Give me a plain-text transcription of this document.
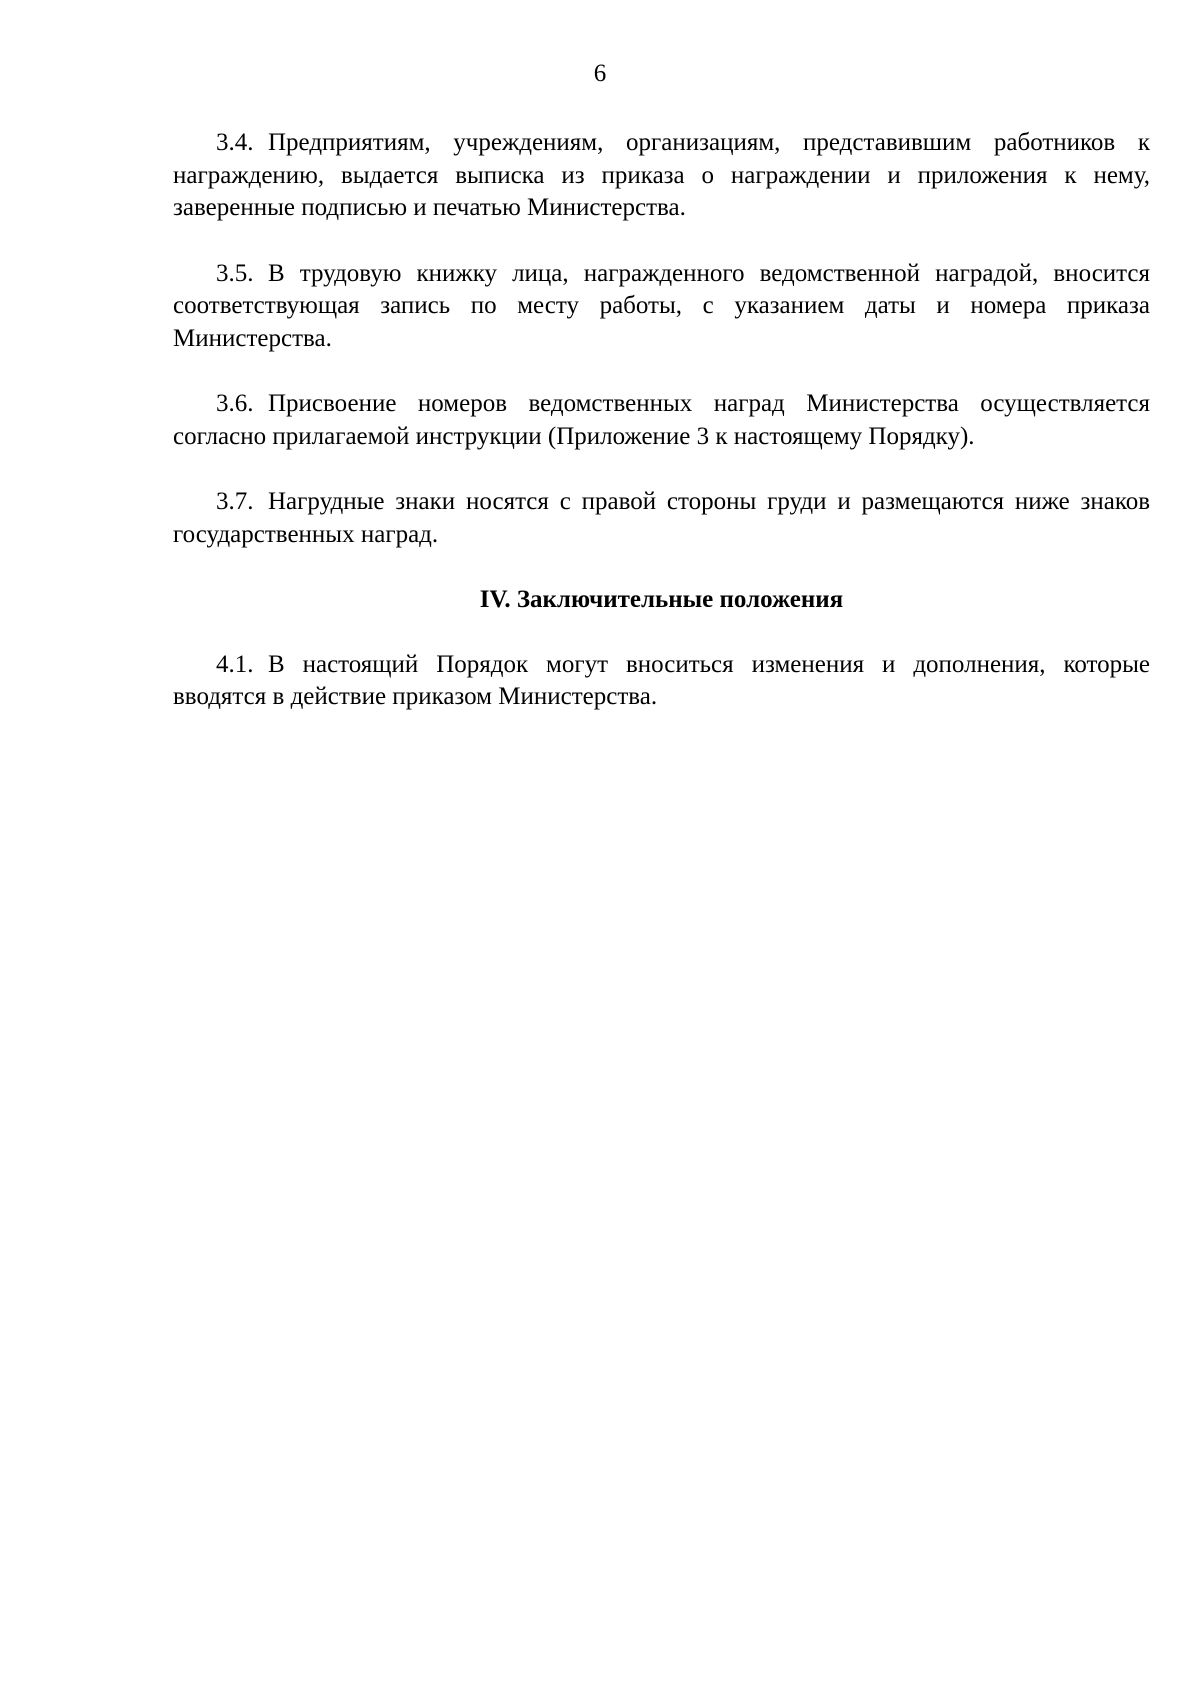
6

3.4. Предприятиям, учреждениям, организациям, представившим работников к награждению, выдается выписка из приказа о награждении и приложения к нему, заверенные подписью и печатью Министерства.

3.5. В трудовую книжку лица, награжденного ведомственной наградой, вносится соответствующая запись по месту работы, с указанием даты и номера приказа Министерства.

3.6. Присвоение номеров ведомственных наград Министерства осуществляется согласно прилагаемой инструкции (Приложение 3 к настоящему Порядку).

3.7. Нагрудные знаки носятся с правой стороны груди и размещаются ниже знаков государственных наград.

IV. Заключительные положения

4.1. В настоящий Порядок могут вноситься изменения и дополнения, которые вводятся в действие приказом Министерства.
